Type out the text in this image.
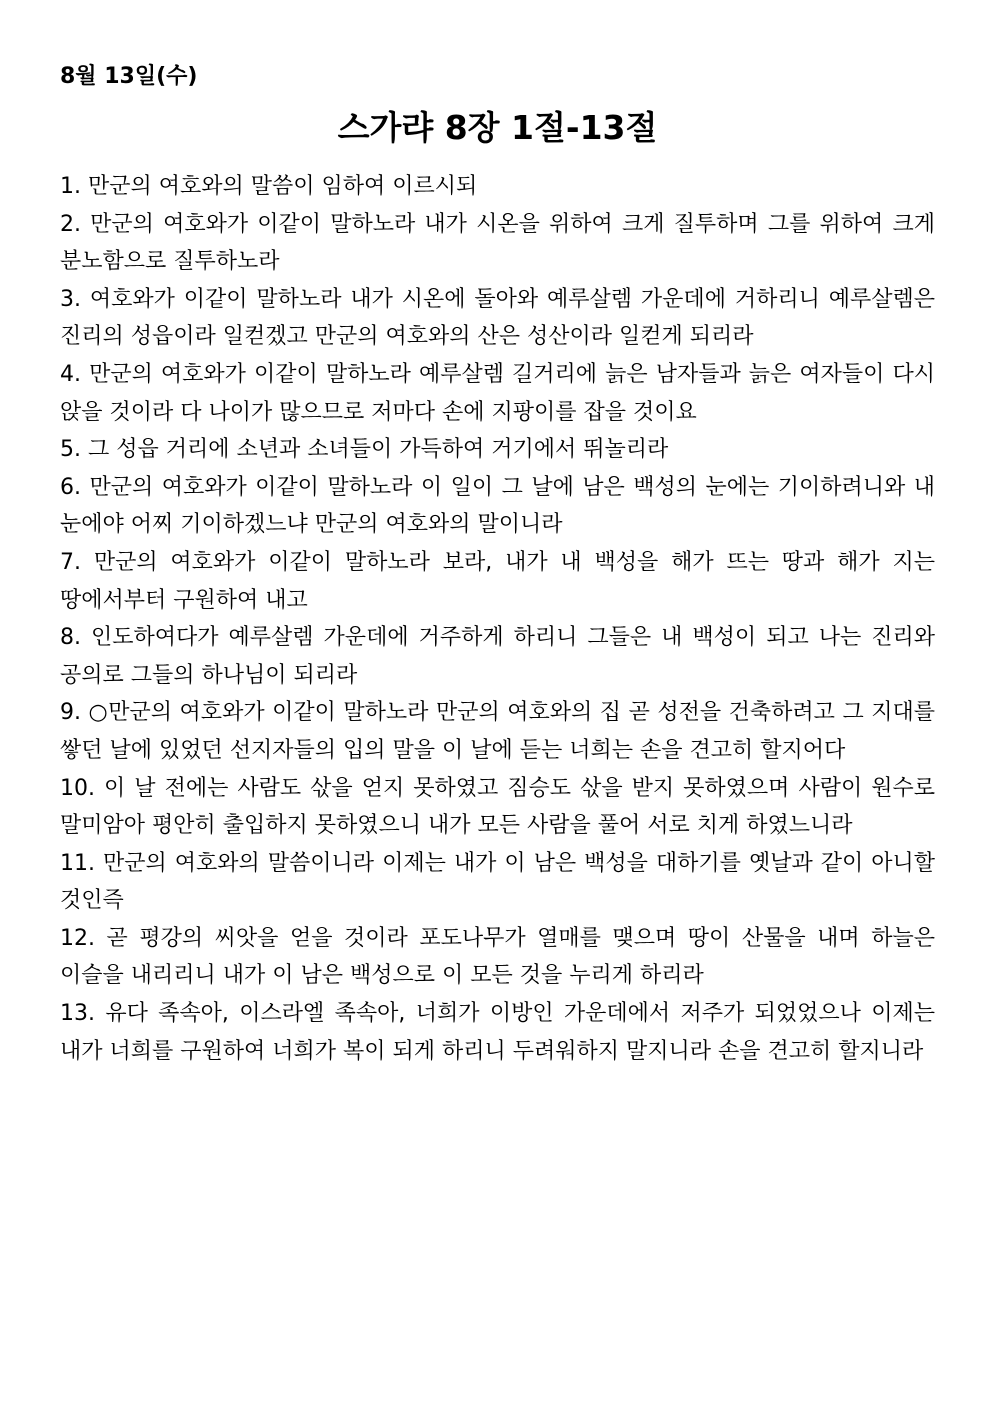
8월 13일(수)

스가랴 8장 1절-13절
1. 만군의 여호와의 말씀이 임하여 이르시되
2. 만군의 여호와가 이같이 말하노라 내가 시온을 위하여 크게 질투하며 그를 위하여 크게 분노함으로 질투하노라
3. 여호와가 이같이 말하노라 내가 시온에 돌아와 예루살렘 가운데에 거하리니 예루살렘은 진리의 성읍이라 일컫겠고 만군의 여호와의 산은 성산이라 일컫게 되리라
4. 만군의 여호와가 이같이 말하노라 예루살렘 길거리에 늙은 남자들과 늙은 여자들이 다시 앉을 것이라 다 나이가 많으므로 저마다 손에 지팡이를 잡을 것이요
5. 그 성읍 거리에 소년과 소녀들이 가득하여 거기에서 뛰놀리라
6. 만군의 여호와가 이같이 말하노라 이 일이 그 날에 남은 백성의 눈에는 기이하려니와 내 눈에야 어찌 기이하겠느냐 만군의 여호와의 말이니라
7. 만군의 여호와가 이같이 말하노라 보라, 내가 내 백성을 해가 뜨는 땅과 해가 지는 땅에서부터 구원하여 내고
8. 인도하여다가 예루살렘 가운데에 거주하게 하리니 그들은 내 백성이 되고 나는 진리와 공의로 그들의 하나님이 되리라
9. ○만군의 여호와가 이같이 말하노라 만군의 여호와의 집 곧 성전을 건축하려고 그 지대를 쌓던 날에 있었던 선지자들의 입의 말을 이 날에 듣는 너희는 손을 견고히 할지어다
10. 이 날 전에는 사람도 삯을 얻지 못하였고 짐승도 삯을 받지 못하였으며 사람이 원수로 말미암아 평안히 출입하지 못하였으니 내가 모든 사람을 풀어 서로 치게 하였느니라
11. 만군의 여호와의 말씀이니라 이제는 내가 이 남은 백성을 대하기를 옛날과 같이 아니할 것인즉
12. 곧 평강의 씨앗을 얻을 것이라 포도나무가 열매를 맺으며 땅이 산물을 내며 하늘은 이슬을 내리리니 내가 이 남은 백성으로 이 모든 것을 누리게 하리라
13. 유다 족속아, 이스라엘 족속아, 너희가 이방인 가운데에서 저주가 되었었으나 이제는 내가 너희를 구원하여 너희가 복이 되게 하리니 두려워하지 말지니라 손을 견고히 할지니라
